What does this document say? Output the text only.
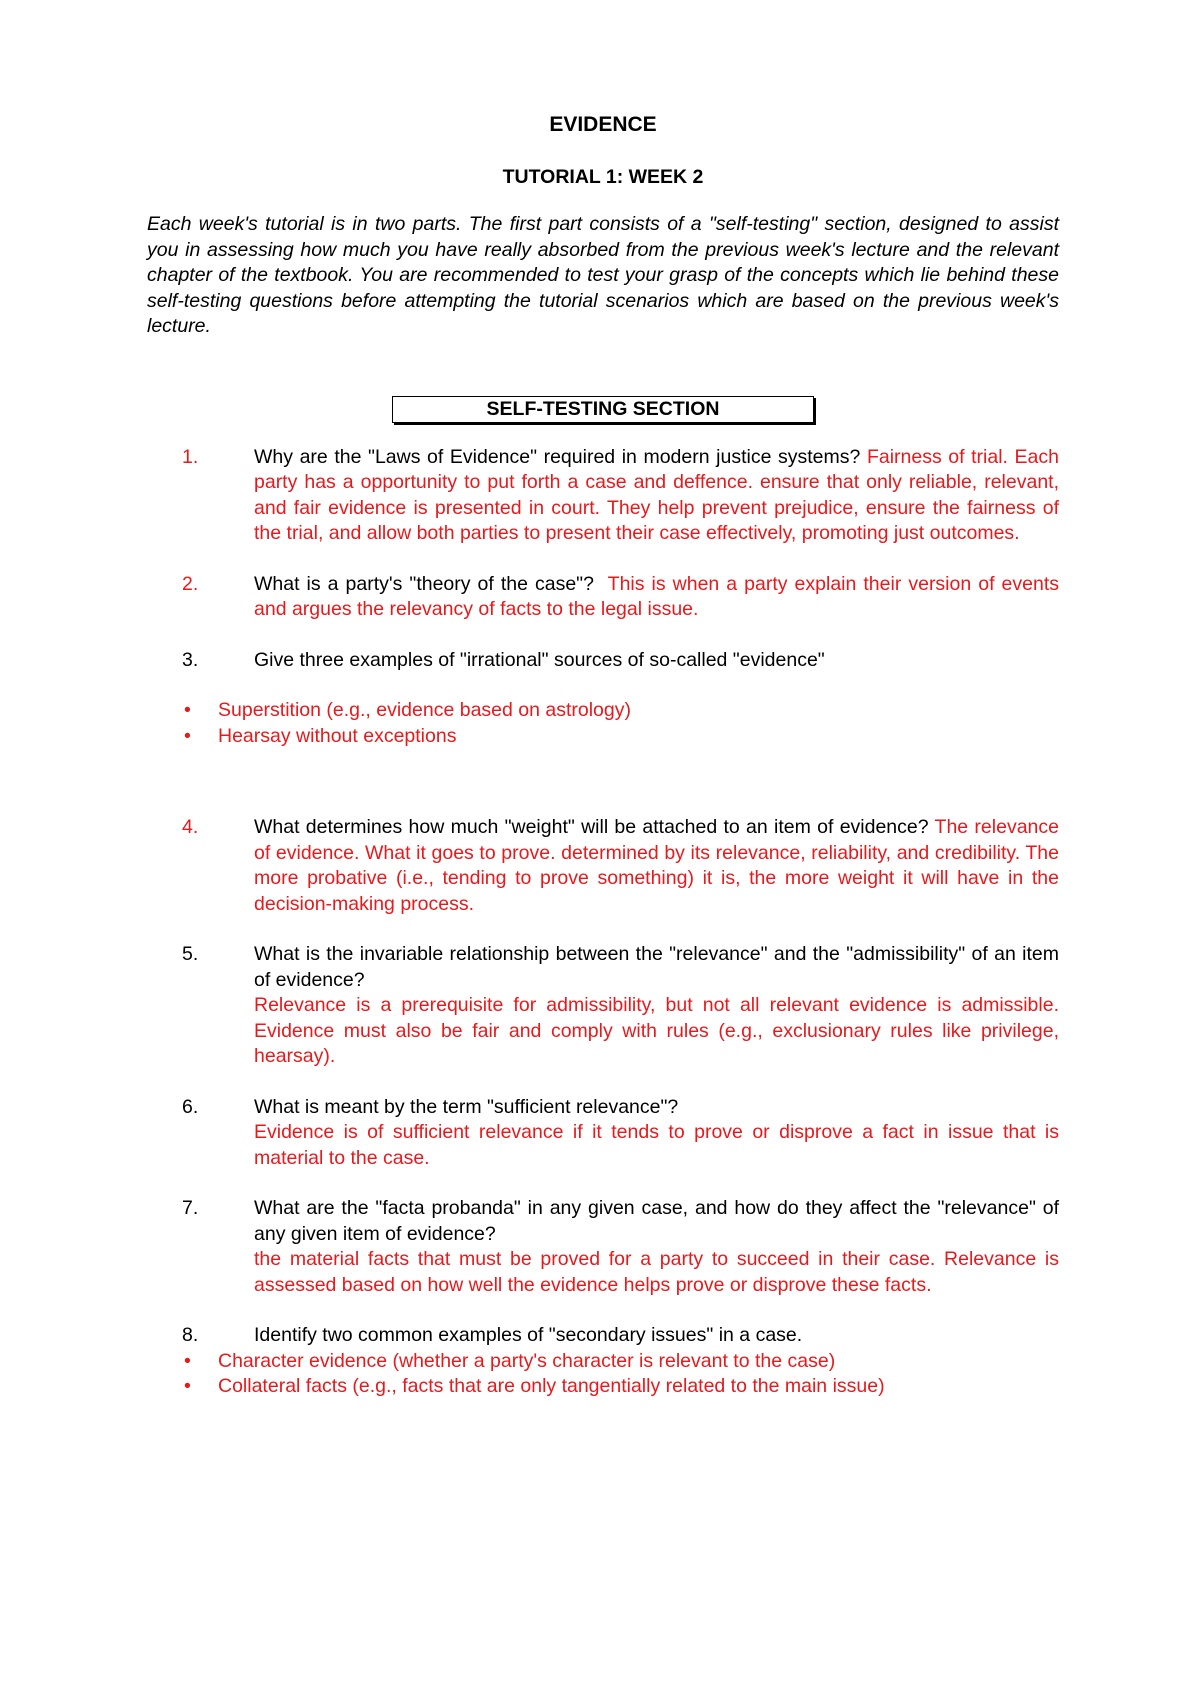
EVIDENCE
TUTORIAL 1: WEEK 2

Each week's tutorial is in two parts. The first part consists of a "self-testing" section, designed to assist you in assessing how much you have really absorbed from the previous week's lecture and the relevant chapter of the textbook. You are recommended to test your grasp of the concepts which lie behind these self-testing questions before attempting the tutorial scenarios which are based on the previous week's lecture.

SELF-TESTING SECTION
1.	Why are the "Laws of Evidence" required in modern justice systems? Fairness of trial. Each party has a opportunity to put forth a case and deffence. ensure that only reliable, relevant, and fair evidence is presented in court. They help prevent prejudice, ensure the fairness of the trial, and allow both parties to present their case effectively, promoting just outcomes.
2.	What is a party's "theory of the case"? This is when a party explain their version of events and argues the relevancy of facts to the legal issue.
3.	Give three examples of "irrational" sources of so-called "evidence"
• Superstition (e.g., evidence based on astrology)
• Hearsay without exceptions
4.	What determines how much "weight" will be attached to an item of evidence? The relevance of evidence. What it goes to prove. determined by its relevance, reliability, and credibility. The more probative (i.e., tending to prove something) it is, the more weight it will have in the decision-making process.
5.	What is the invariable relationship between the "relevance" and the "admissibility" of an item of evidence?
Relevance is a prerequisite for admissibility, but not all relevant evidence is admissible. Evidence must also be fair and comply with rules (e.g., exclusionary rules like privilege, hearsay).
6.	What is meant by the term "sufficient relevance"?
Evidence is of sufficient relevance if it tends to prove or disprove a fact in issue that is material to the case.
7.	What are the "facta probanda" in any given case, and how do they affect the "relevance" of any given item of evidence?
the material facts that must be proved for a party to succeed in their case. Relevance is assessed based on how well the evidence helps prove or disprove these facts.
8.	Identify two common examples of "secondary issues" in a case.
• Character evidence (whether a party's character is relevant to the case)
• Collateral facts (e.g., facts that are only tangentially related to the main issue)
